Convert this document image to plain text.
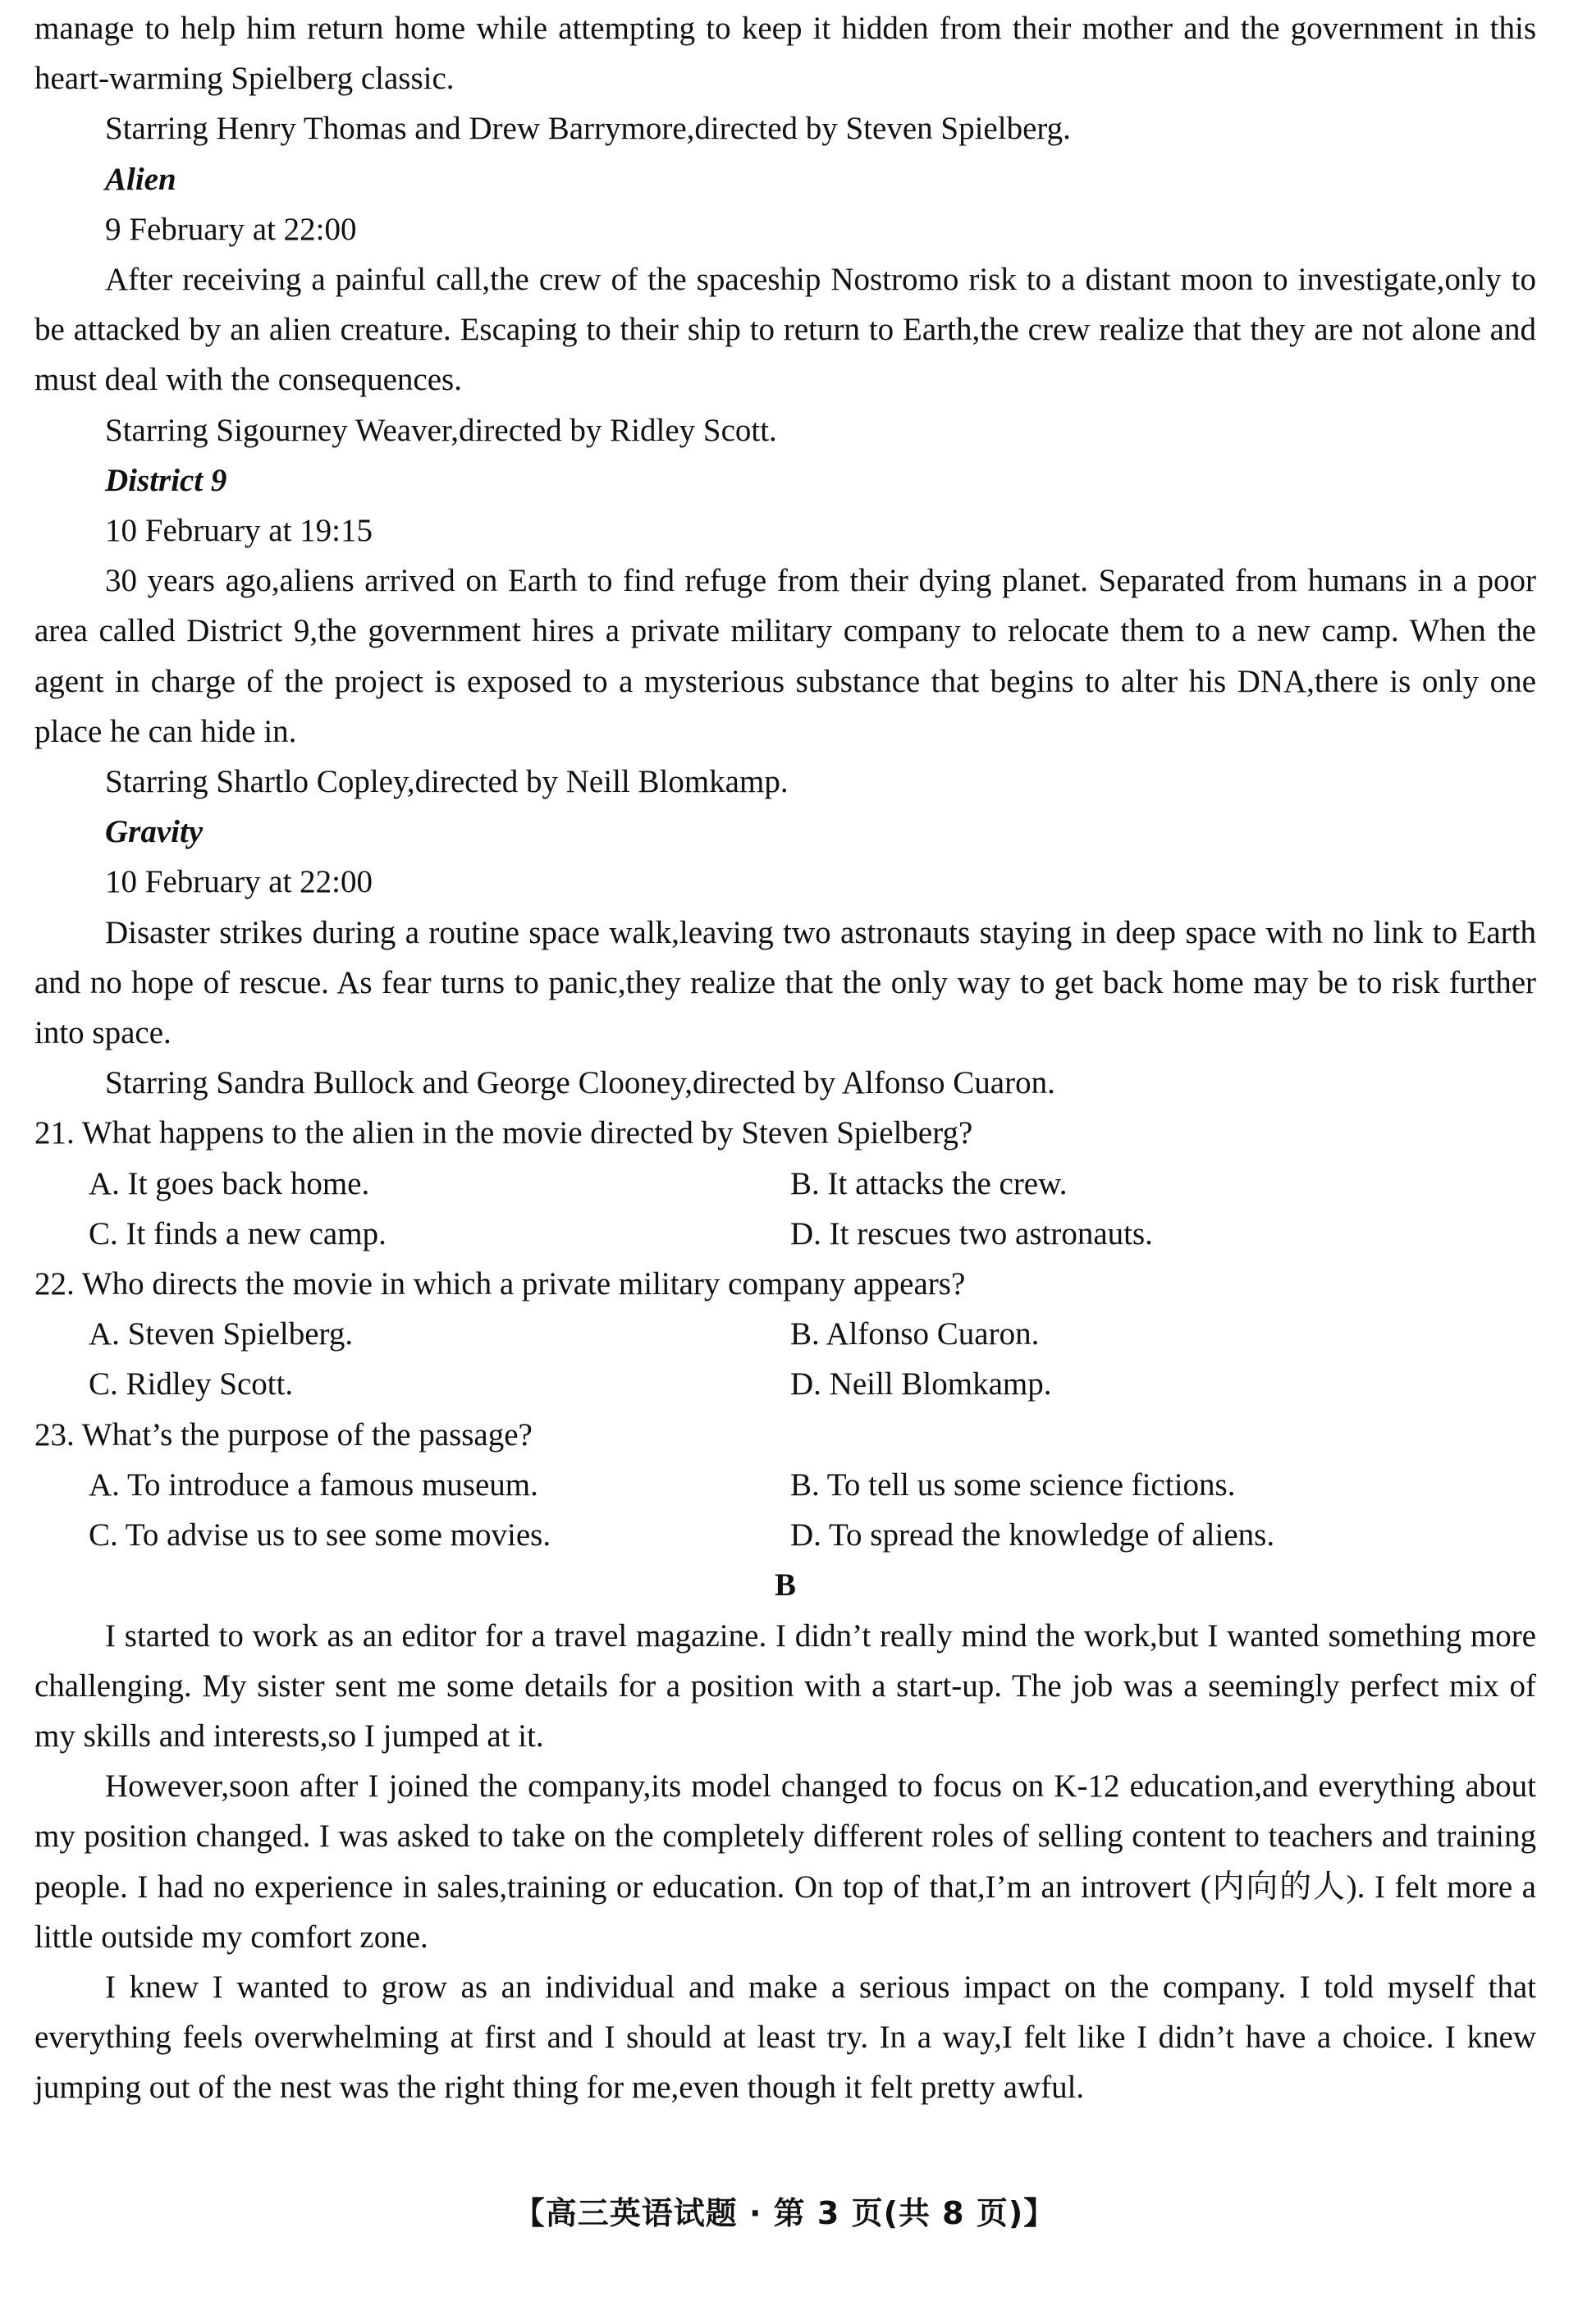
manage to help him return home while attempting to keep it hidden from their mother and the government in this heart-warming Spielberg classic.

Starring Henry Thomas and Drew Barrymore,directed by Steven Spielberg.

Alien
9 February at 22:00

After receiving a painful call,the crew of the spaceship Nostromo risk to a distant moon to investigate,only to be attacked by an alien creature. Escaping to their ship to return to Earth,the crew realize that they are not alone and must deal with the consequences.

Starring Sigourney Weaver,directed by Ridley Scott.

District 9
10 February at 19:15

30 years ago,aliens arrived on Earth to find refuge from their dying planet. Separated from humans in a poor area called District 9,the government hires a private military company to relocate them to a new camp. When the agent in charge of the project is exposed to a mysterious substance that begins to alter his DNA,there is only one place he can hide in.

Starring Shartlo Copley,directed by Neill Blomkamp.

Gravity
10 February at 22:00

Disaster strikes during a routine space walk,leaving two astronauts staying in deep space with no link to Earth and no hope of rescue. As fear turns to panic,they realize that the only way to get back home may be to risk further into space.

Starring Sandra Bullock and George Clooney,directed by Alfonso Cuaron.

21. What happens to the alien in the movie directed by Steven Spielberg?
A. It goes back home.	B. It attacks the crew.
C. It finds a new camp.	D. It rescues two astronauts.
22. Who directs the movie in which a private military company appears?
A. Steven Spielberg.	B. Alfonso Cuaron.
C. Ridley Scott.	D. Neill Blomkamp.
23. What’s the purpose of the passage?
A. To introduce a famous museum.	B. To tell us some science fictions.
C. To advise us to see some movies.	D. To spread the knowledge of aliens.
B

I started to work as an editor for a travel magazine. I didn’t really mind the work,but I wanted something more challenging. My sister sent me some details for a position with a start-up. The job was a seemingly perfect mix of my skills and interests,so I jumped at it.

However,soon after I joined the company,its model changed to focus on K-12 education,and everything about my position changed. I was asked to take on the completely different roles of selling content to teachers and training people. I had no experience in sales,training or education. On top of that,I’m an introvert (内向的人). I felt more a little outside my comfort zone.

I knew I wanted to grow as an individual and make a serious impact on the company. I told myself that everything feels overwhelming at first and I should at least try. In a way,I felt like I didn’t have a choice. I knew jumping out of the nest was the right thing for me,even though it felt pretty awful.

【高三英语试题 · 第 3 页(共 8 页)】
